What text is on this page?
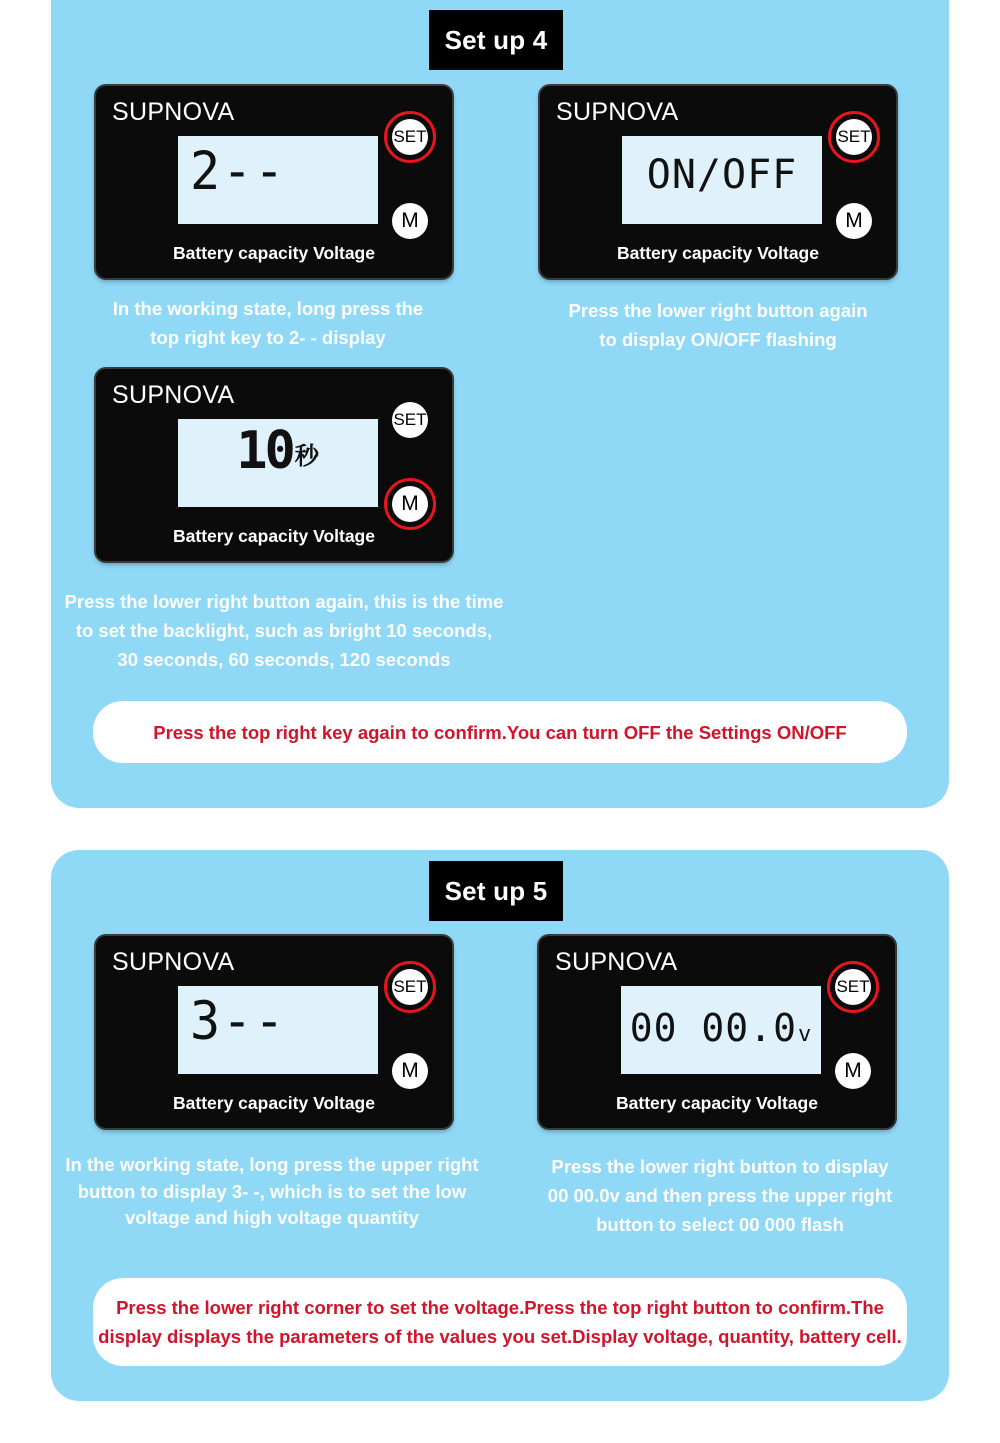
Set up 4
SUPNOVA
2--
SET
M
Battery capacity Voltage
In the working state, long press the
top right key to 2- - display
SUPNOVA
ON/OFF
SET
M
Battery capacity Voltage
Press the lower right button again
to display ON/OFF flashing
SUPNOVA
10秒
SET
M
Battery capacity Voltage
Press the lower right button again, this is the time
to set the backlight, such as bright 10 seconds,
30 seconds, 60 seconds, 120 seconds
Press the top right key again to confirm.You can turn OFF the Settings ON/OFF
Set up 5
SUPNOVA
3--
SET
M
Battery capacity Voltage
In the working state, long press the upper right
button to display 3- -, which is to set the low
voltage and high voltage quantity
SUPNOVA
00 00.0v
SET
M
Battery capacity Voltage
Press the lower right button to display
00 00.0v and then press the upper right
button to select 00 000 flash
Press the lower right corner to set the voltage.Press the top right button to confirm.The
display displays the parameters of the values you set.Display voltage, quantity, battery cell.
